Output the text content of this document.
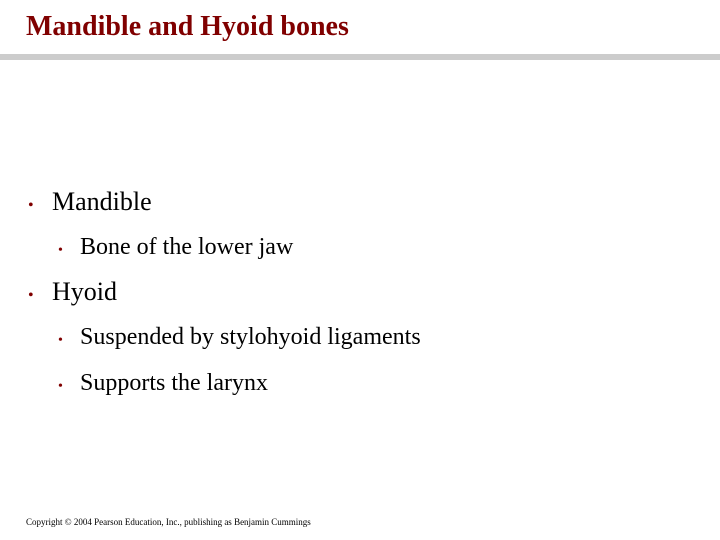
Mandible and Hyoid bones
• Mandible
• Bone of the lower jaw
• Hyoid
• Suspended by stylohyoid ligaments
• Supports the larynx
Copyright © 2004 Pearson Education, Inc., publishing as Benjamin Cummings
